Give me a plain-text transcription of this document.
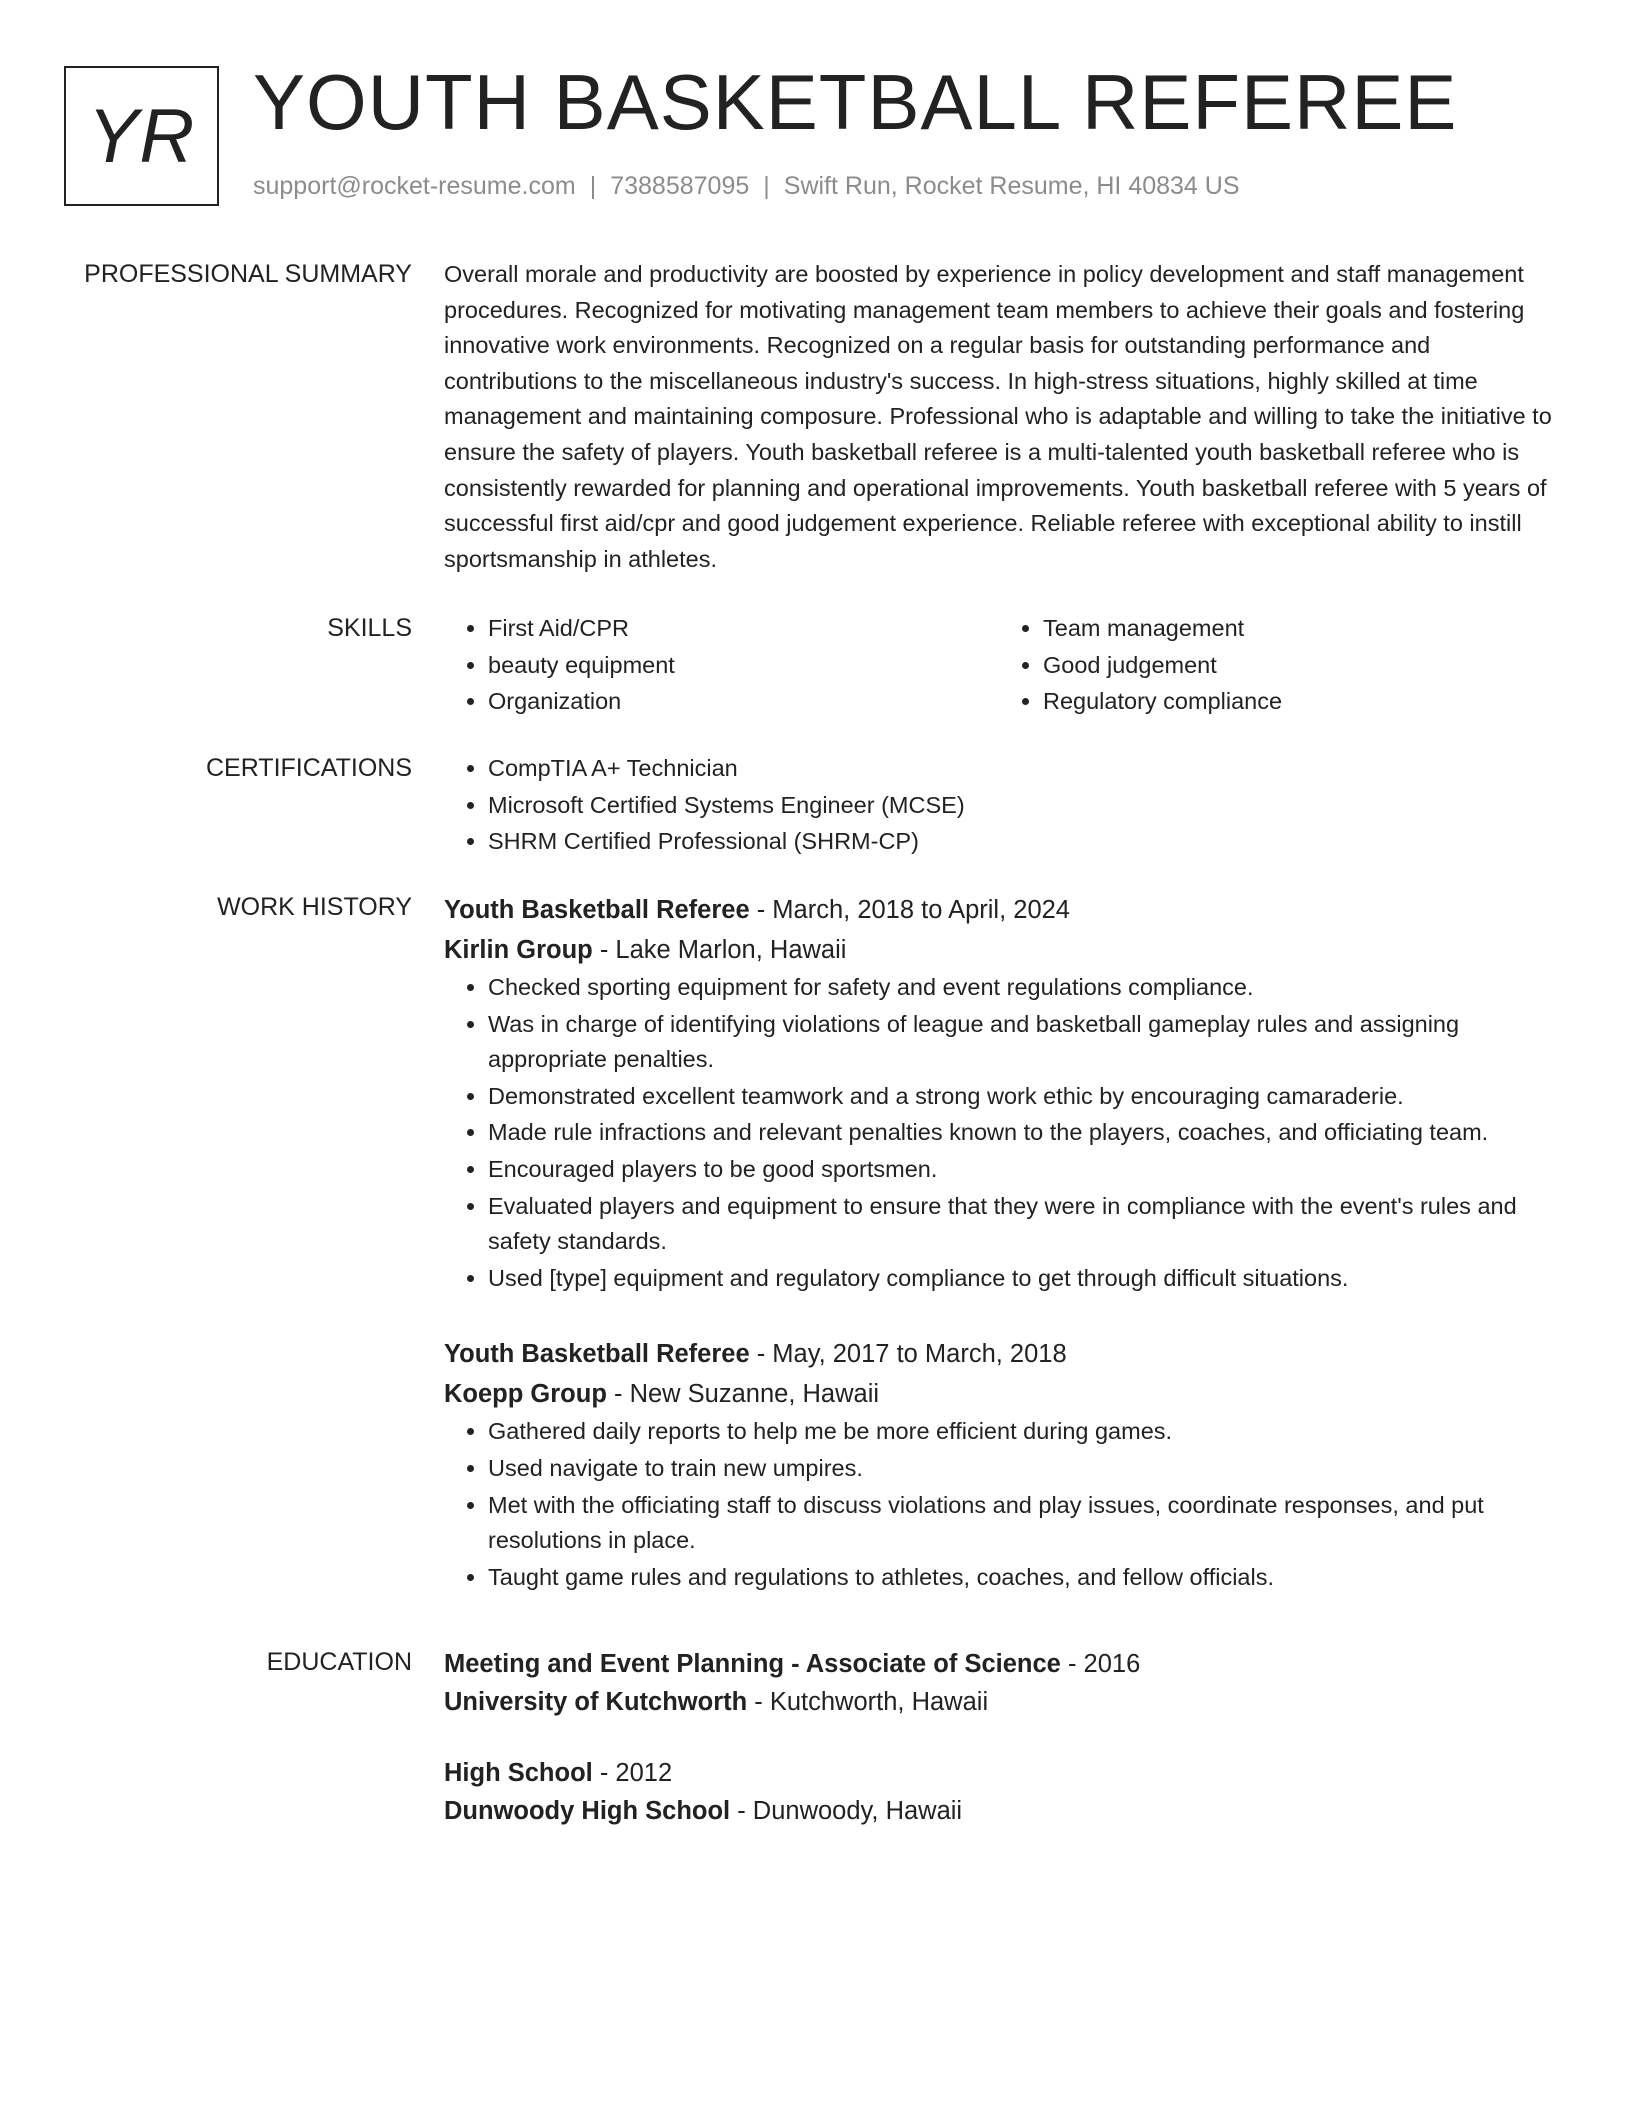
YR YOUTH BASKETBALL REFEREE
support@rocket-resume.com | 7388587095 | Swift Run, Rocket Resume, HI 40834 US
PROFESSIONAL SUMMARY Overall morale and productivity are boosted by experience in policy development and staff management procedures. Recognized for motivating management team members to achieve their goals and fostering innovative work environments. Recognized on a regular basis for outstanding performance and contributions to the miscellaneous industry's success. In high-stress situations, highly skilled at time management and maintaining composure. Professional who is adaptable and willing to take the initiative to ensure the safety of players. Youth basketball referee is a multi-talented youth basketball referee who is consistently rewarded for planning and operational improvements. Youth basketball referee with 5 years of successful first aid/cpr and good judgement experience. Reliable referee with exceptional ability to instill sportsmanship in athletes.
SKILLS	• First Aid/CPR
• beauty equipment
• Organization
• Team management
• Good judgement
• Regulatory compliance
CERTIFICATIONS	• CompTIA A+ Technician
• Microsoft Certified Systems Engineer (MCSE)
• SHRM Certified Professional (SHRM-CP)
WORK HISTORY Youth Basketball Referee - March, 2018 to April, 2024
Kirlin Group - Lake Marlon, Hawaii
• Checked sporting equipment for safety and event regulations compliance.
• Was in charge of identifying violations of league and basketball gameplay rules and assigning appropriate penalties.
• Demonstrated excellent teamwork and a strong work ethic by encouraging camaraderie.
• Made rule infractions and relevant penalties known to the players, coaches, and officiating team.
• Encouraged players to be good sportsmen.
• Evaluated players and equipment to ensure that they were in compliance with the event's rules and safety standards.
• Used [type] equipment and regulatory compliance to get through difficult situations.
Youth Basketball Referee - May, 2017 to March, 2018
Koepp Group - New Suzanne, Hawaii
• Gathered daily reports to help me be more efficient during games.
• Used navigate to train new umpires.
• Met with the officiating staff to discuss violations and play issues, coordinate responses, and put resolutions in place.
• Taught game rules and regulations to athletes, coaches, and fellow officials.
EDUCATION Meeting and Event Planning - Associate of Science - 2016
University of Kutchworth - Kutchworth, Hawaii
High School - 2012
Dunwoody High School - Dunwoody, Hawaii
